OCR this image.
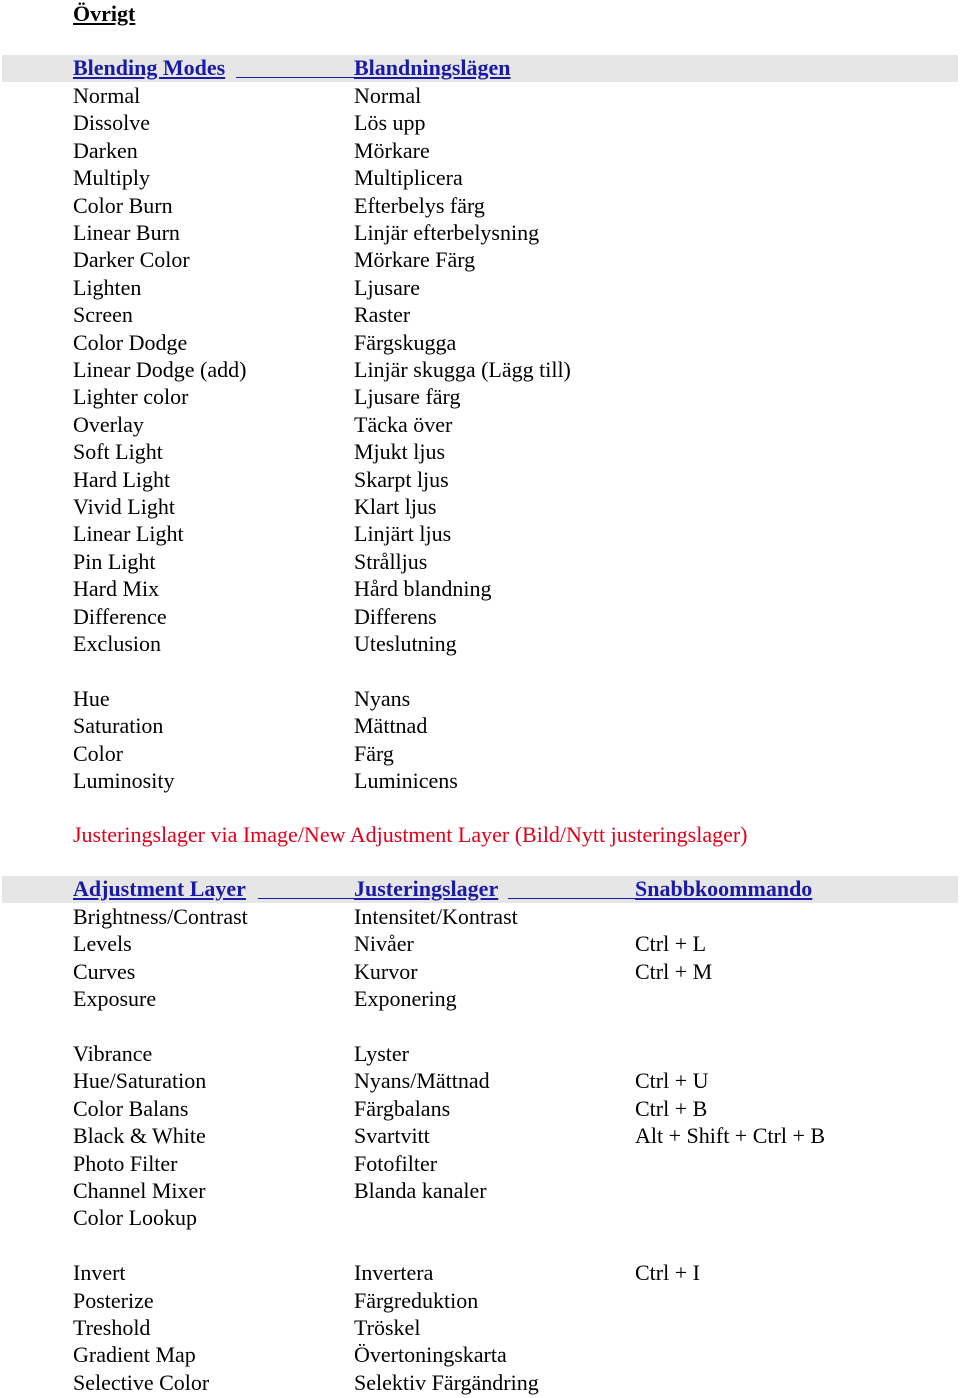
Övrigt
Blending Modes	Blandningslägen
Normal	Normal
Dissolve	Lös upp
Darken	Mörkare
Multiply	Multiplicera
Color Burn	Efterbelys färg
Linear Burn	Linjär efterbelysning
Darker Color	Mörkare Färg
Lighten	Ljusare
Screen	Raster
Color Dodge	Färgskugga
Linear Dodge (add)	Linjär skugga (Lägg till)
Lighter color	Ljusare färg
Overlay	Täcka över
Soft Light	Mjukt ljus
Hard Light	Skarpt ljus
Vivid Light	Klart ljus
Linear Light	Linjärt ljus
Pin Light	Strålljus
Hard Mix	Hård blandning
Difference	Differens
Exclusion	Uteslutning
Hue	Nyans
Saturation	Mättnad
Color	Färg
Luminosity	Luminicens
Justeringslager via Image/New Adjustment Layer (Bild/Nytt justeringslager)
Adjustment Layer	Justeringslager	Snabbkoommando
Brightness/Contrast	Intensitet/Kontrast
Levels	Nivåer	Ctrl + L
Curves	Kurvor	Ctrl + M
Exposure	Exponering
Vibrance	Lyster
Hue/Saturation	Nyans/Mättnad	Ctrl + U
Color Balans	Färgbalans	Ctrl + B
Black & White	Svartvitt	Alt + Shift + Ctrl + B
Photo Filter	Fotofilter
Channel Mixer	Blanda kanaler
Color Lookup
Invert	Invertera	Ctrl + I
Posterize	Färgreduktion
Treshold	Tröskel
Gradient Map	Övertoningskarta
Selective Color	Selektiv Färgändring
